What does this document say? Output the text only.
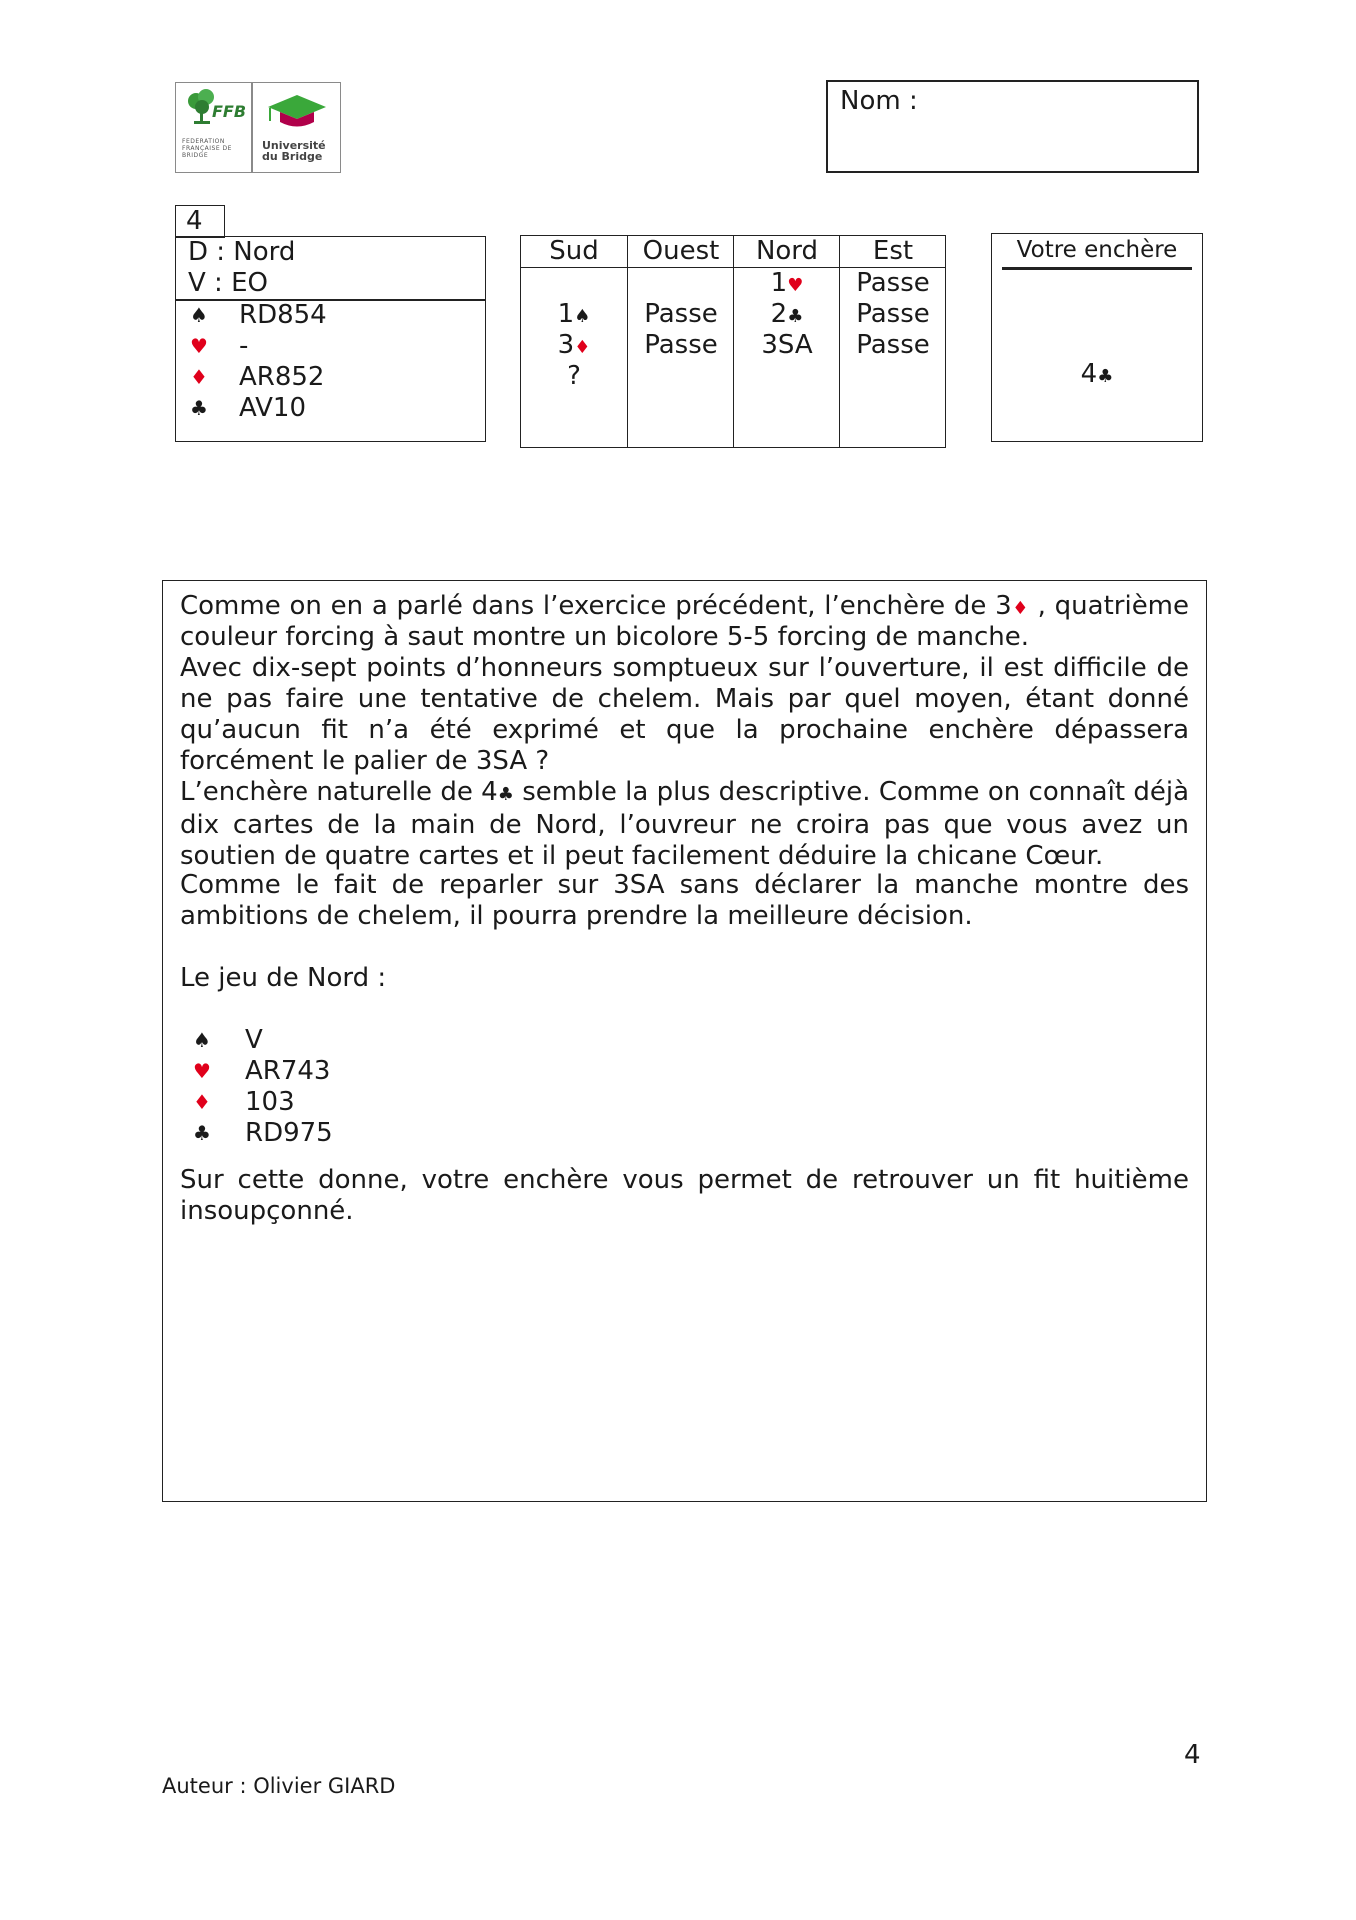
FFB
FEDERATION FRANÇAISE DE BRIDGE
Université du Bridge
Nom :
4
D : Nord
V : EO
♠ RD854
♥ -
♦ AR852
♣ AV10
Sud
1♠
3♦
?
Ouest
Passe
Passe
Nord
1♥
2♣
3SA
Est
Passe
Passe
Passe
Votre enchère
4♣
Comme on en a parlé dans l’exercice précédent, l’enchère de 3♦ , quatrième
couleur forcing à saut montre un bicolore 5-5 forcing de manche.
Avec dix-sept points d’honneurs somptueux sur l’ouverture, il est difficile de ne pas faire une tentative de chelem. Mais par quel moyen, étant donné qu’aucun fit n’a été exprimé et que la prochaine enchère dépassera forcément le palier de 3SA ?
L’enchère naturelle de 4♣ semble la plus descriptive. Comme on connaît déjà dix cartes de la main de Nord, l’ouvreur ne croira pas que vous avez un soutien de quatre cartes et il peut facilement déduire la chicane Cœur.
Comme le fait de reparler sur 3SA sans déclarer la manche montre des ambitions de chelem, il pourra prendre la meilleure décision.
Le jeu de Nord :
♠ V
♥ AR743
♦ 103
♣ RD975
Sur cette donne, votre enchère vous permet de retrouver un fit huitième insoupçonné.
4
Auteur : Olivier GIARD
